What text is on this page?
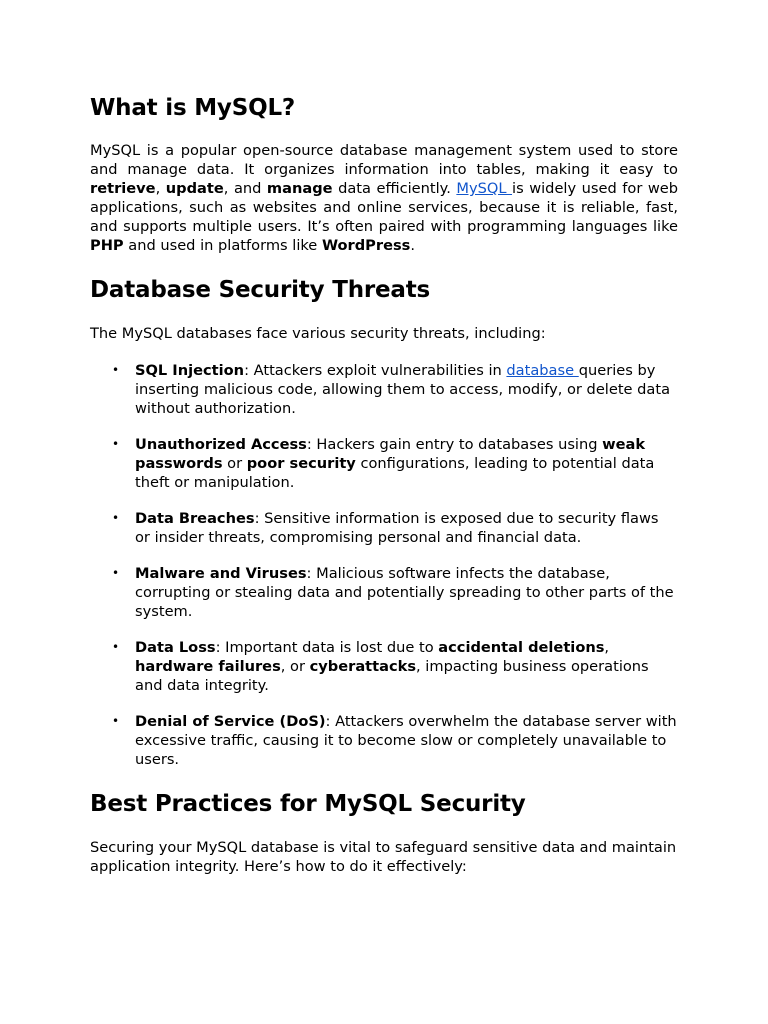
What is MySQL?

MySQL is a popular open-source database management system used to store and manage data. It organizes information into tables, making it easy to retrieve, update, and manage data efficiently. MySQL is widely used for web applications, such as websites and online services, because it is reliable, fast, and supports multiple users. It’s often paired with programming languages like PHP and used in platforms like WordPress.

Database Security Threats

The MySQL databases face various security threats, including:

• SQL Injection: Attackers exploit vulnerabilities in database queries by inserting malicious code, allowing them to access, modify, or delete data without authorization.
• Unauthorized Access: Hackers gain entry to databases using weak passwords or poor security configurations, leading to potential data theft or manipulation.
• Data Breaches: Sensitive information is exposed due to security flaws or insider threats, compromising personal and financial data.
• Malware and Viruses: Malicious software infects the database, corrupting or stealing data and potentially spreading to other parts of the system.
• Data Loss: Important data is lost due to accidental deletions, hardware failures, or cyberattacks, impacting business operations and data integrity.
• Denial of Service (DoS): Attackers overwhelm the database server with excessive traffic, causing it to become slow or completely unavailable to users.
Best Practices for MySQL Security

Securing your MySQL database is vital to safeguard sensitive data and maintain application integrity. Here’s how to do it effectively:
